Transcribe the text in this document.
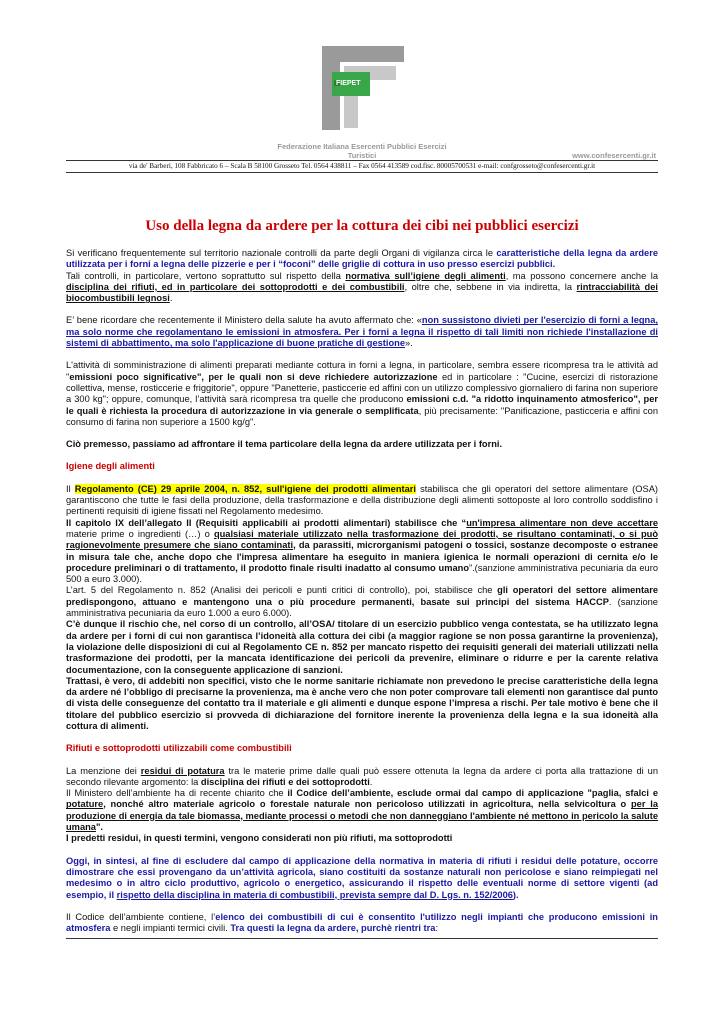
FIEPET
Federazione Italiana Esercenti Pubblici Esercizi
Turistici	www.confesercenti.gr.it
via de' Barberi, 108 Fabbricato 6 – Scala B 58100 Grosseto Tel. 0564 438811 – Fax 0564 413589 cod.fisc. 80005700531 e-mail: confgrosseto@confesercenti.gr.it
Uso della legna da ardere per la cottura dei cibi nei pubblici esercizi

Si verificano frequentemente sul territorio nazionale controlli da parte degli Organi di vigilanza circa le caratteristiche della legna da ardere utilizzata per i forni a legna delle pizzerie e per i “foconi” delle griglie di cottura in uso presso esercizi pubblici.
Tali controlli, in particolare, vertono soprattutto sul rispetto della normativa sull’igiene degli alimenti, ma possono concernere anche la disciplina dei rifiuti, ed in particolare dei sottoprodotti e dei combustibili, oltre che, sebbene in via indiretta, la rintracciabilità dei biocombustibili legnosi.

E’ bene ricordare che recentemente il Ministero della salute ha avuto affermato che: «non sussistono divieti per l'esercizio di forni a legna, ma solo norme che regolamentano le emissioni in atmosfera. Per i forni a legna il rispetto di tali limiti non richiede l'installazione di sistemi di abbattimento, ma solo l'applicazione di buone pratiche di gestione».

L'attività di somministrazione di alimenti preparati mediante cottura in forni a legna, in particolare, sembra essere ricompresa tra le attività ad "emissioni poco significative", per le quali non si deve richiedere autorizzazione ed in particolare : "Cucine, esercizi di ristorazione collettiva, mense, rosticcerie e friggitorie", oppure "Panetterie, pasticcerie ed affini con un utilizzo complessivo giornaliero di farina non superiore a 300 kg"; oppure, comunque, l’attività sarà ricompresa tra quelle che producono emissioni c.d. "a ridotto inquinamento atmosferico", per le quali è richiesta la procedura di autorizzazione in via generale o semplificata, più precisamente: "Panificazione, pasticceria e affini con consumo di farina non superiore a 1500 kg/g".

Ciò premesso, passiamo ad affrontare il tema particolare della legna da ardere utilizzata per i forni.

Igiene degli alimenti

Il Regolamento (CE) 29 aprile 2004, n. 852, sull'igiene dei prodotti alimentari stabilisca che gli operatori del settore alimentare (OSA) garantiscono che tutte le fasi della produzione, della trasformazione e della distribuzione degli alimenti sottoposte al loro controllo soddisfino i pertinenti requisiti di igiene fissati nel Regolamento medesimo.

Il capitolo IX dell’allegato II (Requisiti applicabili ai prodotti alimentari) stabilisce che “un'impresa alimentare non deve accettare materie prime o ingredienti (…) o qualsiasi materiale utilizzato nella trasformazione dei prodotti, se risultano contaminati, o si può ragionevolmente presumere che siano contaminati, da parassiti, microrganismi patogeni o tossici, sostanze decomposte o estranee in misura tale che, anche dopo che l'impresa alimentare ha eseguito in maniera igienica le normali operazioni di cernita e/o le procedure preliminari o di trattamento, il prodotto finale risulti inadatto al consumo umano”.(sanzione amministrativa pecuniaria da euro 500 a euro 3.000).

L’art. 5 del Regolamento n. 852 (Analisi dei pericoli e punti critici di controllo), poi, stabilisce che gli operatori del settore alimentare predispongono, attuano e mantengono una o più procedure permanenti, basate sui principi del sistema HACCP. (sanzione amministrativa pecuniaria da euro 1.000 a euro 6.000).

C’è dunque il rischio che, nel corso di un controllo, all’OSA/ titolare di un esercizio pubblico venga contestata, se ha utilizzato legna da ardere per i forni di cui non garantisca l’idoneità alla cottura dei cibi (a maggior ragione se non possa garantirne la provenienza), la violazione delle disposizioni di cui al Regolamento CE n. 852 per mancato rispetto dei requisiti generali dei materiali utilizzati nella trasformazione dei prodotti, per la mancata identificazione dei pericoli da prevenire, eliminare o ridurre e per la carente relativa documentazione, con la conseguente applicazione di sanzioni.

Trattasi, è vero, di addebiti non specifici, visto che le norme sanitarie richiamate non prevedono le precise caratteristiche della legna da ardere né l’obbligo di precisarne la provenienza, ma è anche vero che non poter comprovare tali elementi non garantisce dal punto di vista delle conseguenze del contatto tra il materiale e gli alimenti e dunque espone l’impresa a rischi. Per tale motivo è bene che il titolare del pubblico esercizio si provveda di dichiarazione del fornitore inerente la provenienza della legna e la sua idoneità alla cottura di alimenti.

Rifiuti e sottoprodotti utilizzabili come combustibili

La menzione dei residui di potatura tra le materie prime dalle quali può essere ottenuta la legna da ardere ci porta alla trattazione di un secondo rilevante argomento: la disciplina dei rifiuti e dei sottoprodotti.

Il Ministero dell’ambiente ha di recente chiarito che il Codice dell’ambiente, esclude ormai dal campo di applicazione "paglia, sfalci e potature, nonché altro materiale agricolo o forestale naturale non pericoloso utilizzati in agricoltura, nella selvicoltura o per la produzione di energia da tale biomassa, mediante processi o metodi che non danneggiano l'ambiente né mettono in pericolo la salute umana".

I predetti residui, in questi termini, vengono considerati non più rifiuti, ma sottoprodotti

Oggi, in sintesi, al fine di escludere dal campo di applicazione della normativa in materia di rifiuti i residui delle potature, occorre dimostrare che essi provengano da un’attività agricola, siano costituiti da sostanze naturali non pericolose e siano reimpiegati nel medesimo o in altro ciclo produttivo, agricolo o energetico, assicurando il rispetto delle eventuali norme di settore vigenti (ad esempio, il rispetto della disciplina in materia di combustibili, prevista sempre dal D. Lgs. n. 152/2006).

Il Codice dell’ambiente contiene, l’elenco dei combustibili di cui è consentito l'utilizzo negli impianti che producono emissioni in atmosfera e negli impianti termici civili. Tra questi la legna da ardere, purchè rientri tra:
